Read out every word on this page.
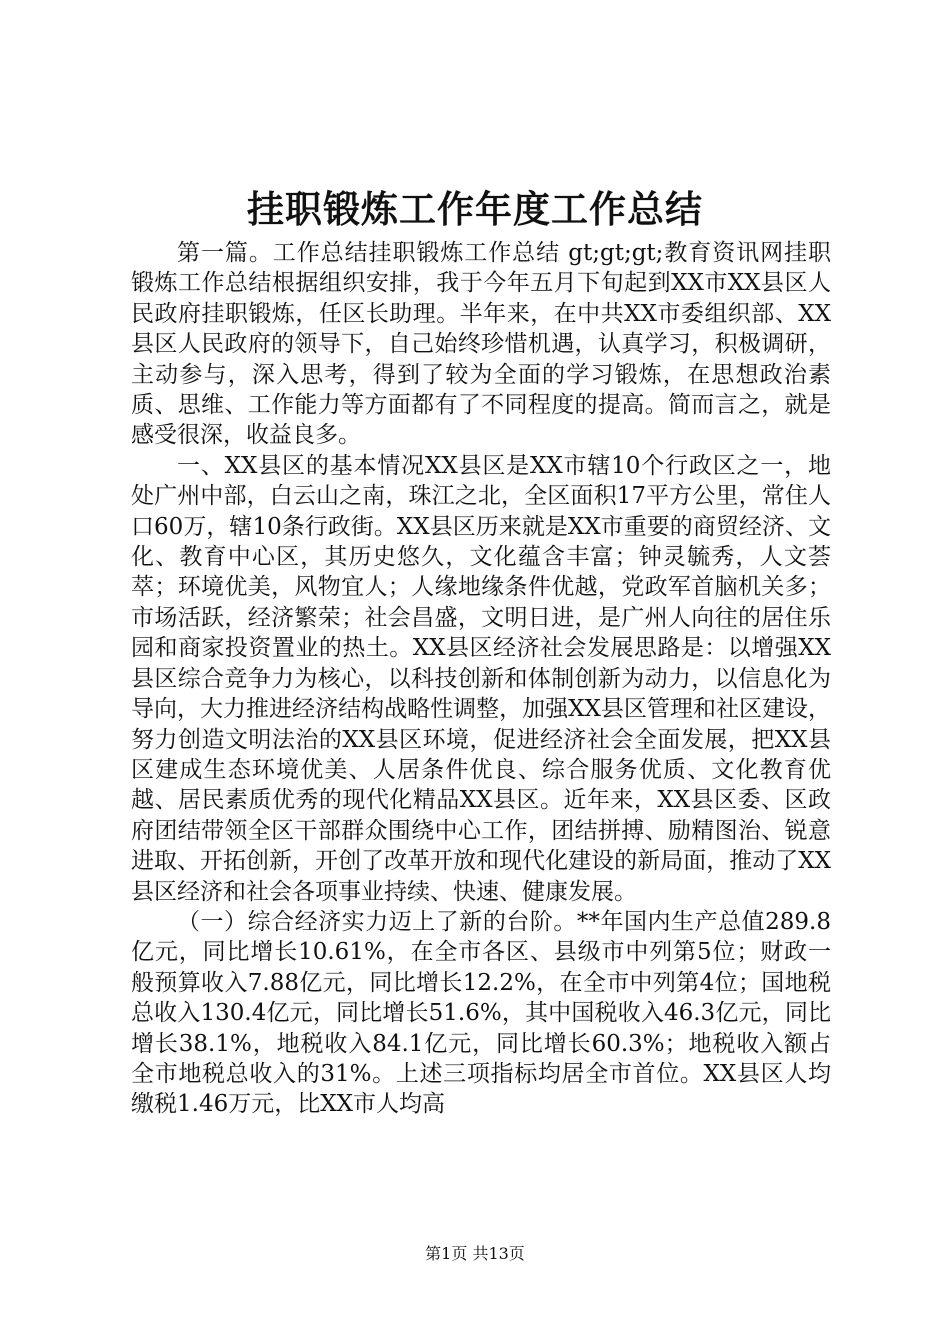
挂职锻炼工作年度工作总结

第一篇。工作总结挂职锻炼工作总结 gt;gt;gt;教育资讯网挂职锻炼工作总结根据组织安排，我于今年五月下旬起到XX市XX县区人民政府挂职锻炼，任区长助理。半年来，在中共XX市委组织部、XX县区人民政府的领导下，自己始终珍惜机遇，认真学习，积极调研，主动参与，深入思考，得到了较为全面的学习锻炼，在思想政治素质、思维、工作能力等方面都有了不同程度的提高。简而言之，就是感受很深，收益良多。

一、XX县区的基本情况XX县区是XX市辖10个行政区之一，地处广州中部，白云山之南，珠江之北，全区面积17平方公里，常住人口60万，辖10条行政街。XX县区历来就是XX市重要的商贸经济、文化、教育中心区，其历史悠久，文化蕴含丰富；钟灵毓秀，人文荟萃；环境优美，风物宜人；人缘地缘条件优越，党政军首脑机关多；市场活跃，经济繁荣；社会昌盛，文明日进，是广州人向往的居住乐园和商家投资置业的热土。XX县区经济社会发展思路是：以增强XX县区综合竞争力为核心，以科技创新和体制创新为动力，以信息化为导向，大力推进经济结构战略性调整，加强XX县区管理和社区建设，努力创造文明法治的XX县区环境，促进经济社会全面发展，把XX县区建成生态环境优美、人居条件优良、综合服务优质、文化教育优越、居民素质优秀的现代化精品XX县区。近年来，XX县区委、区政府团结带领全区干部群众围绕中心工作，团结拼搏、励精图治、锐意进取、开拓创新，开创了改革开放和现代化建设的新局面，推动了XX县区经济和社会各项事业持续、快速、健康发展。

（一）综合经济实力迈上了新的台阶。**年国内生产总值289.8亿元，同比增长10.61%，在全市各区、县级市中列第5位；财政一般预算收入7.88亿元，同比增长12.2%，在全市中列第4位；国地税总收入130.4亿元，同比增长51.6%，其中国税收入46.3亿元，同比增长38.1%，地税收入84.1亿元，同比增长60.3%；地税收入额占全市地税总收入的31%。上述三项指标均居全市首位。XX县区人均缴税1.46万元，比XX市人均高

第1页 共13页
